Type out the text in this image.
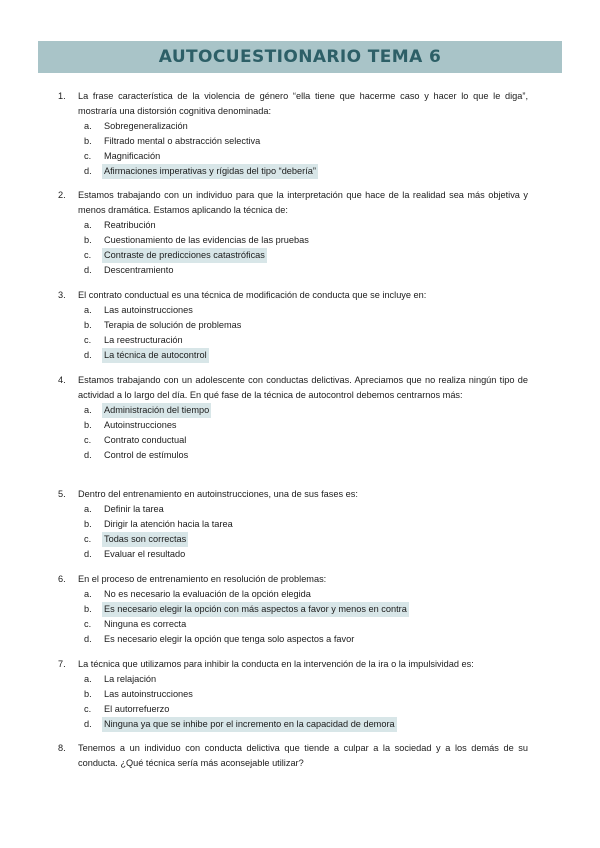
AUTOCUESTIONARIO TEMA 6
1.	La frase característica de la violencia de género “ella tiene que hacerme caso y hacer lo que le diga”, mostraría una distorsión cognitiva denominada:
a.	Sobregeneralización
b.	Filtrado mental o abstracción selectiva
c.	Magnificación
d.	Afirmaciones imperativas y rígidas del tipo “debería”
2.	Estamos trabajando con un individuo para que la interpretación que hace de la realidad sea más objetiva y menos dramática. Estamos aplicando la técnica de:
a.	Reatribución
b.	Cuestionamiento de las evidencias de las pruebas
c.	Contraste de predicciones catastróficas
d.	Descentramiento
3.	El contrato conductual es una técnica de modificación de conducta que se incluye en:
a.	Las autoinstrucciones
b.	Terapia de solución de problemas
c.	La reestructuración
d.	La técnica de autocontrol
4.	Estamos trabajando con un adolescente con conductas delictivas. Apreciamos que no realiza ningún tipo de actividad a lo largo del día. En qué fase de la técnica de autocontrol debemos centrarnos más:
a.	Administración del tiempo
b.	Autoinstrucciones
c.	Contrato conductual
d.	Control de estímulos
5.	Dentro del entrenamiento en autoinstrucciones, una de sus fases es:
a.	Definir la tarea
b.	Dirigir la atención hacia la tarea
c.	Todas son correctas
d.	Evaluar el resultado
6.	En el proceso de entrenamiento en resolución de problemas:
a.	No es necesario la evaluación de la opción elegida
b.	Es necesario elegir la opción con más aspectos a favor y menos en contra
c.	Ninguna es correcta
d.	Es necesario elegir la opción que tenga solo aspectos a favor
7.	La técnica que utilizamos para inhibir la conducta en la intervención de la ira o la impulsividad es:
a.	La relajación
b.	Las autoinstrucciones
c.	El autorrefuerzo
d.	Ninguna ya que se inhibe por el incremento en la capacidad de demora
8.	Tenemos a un individuo con conducta delictiva que tiende a culpar a la sociedad y a los demás de su conducta. ¿Qué técnica sería más aconsejable utilizar?
